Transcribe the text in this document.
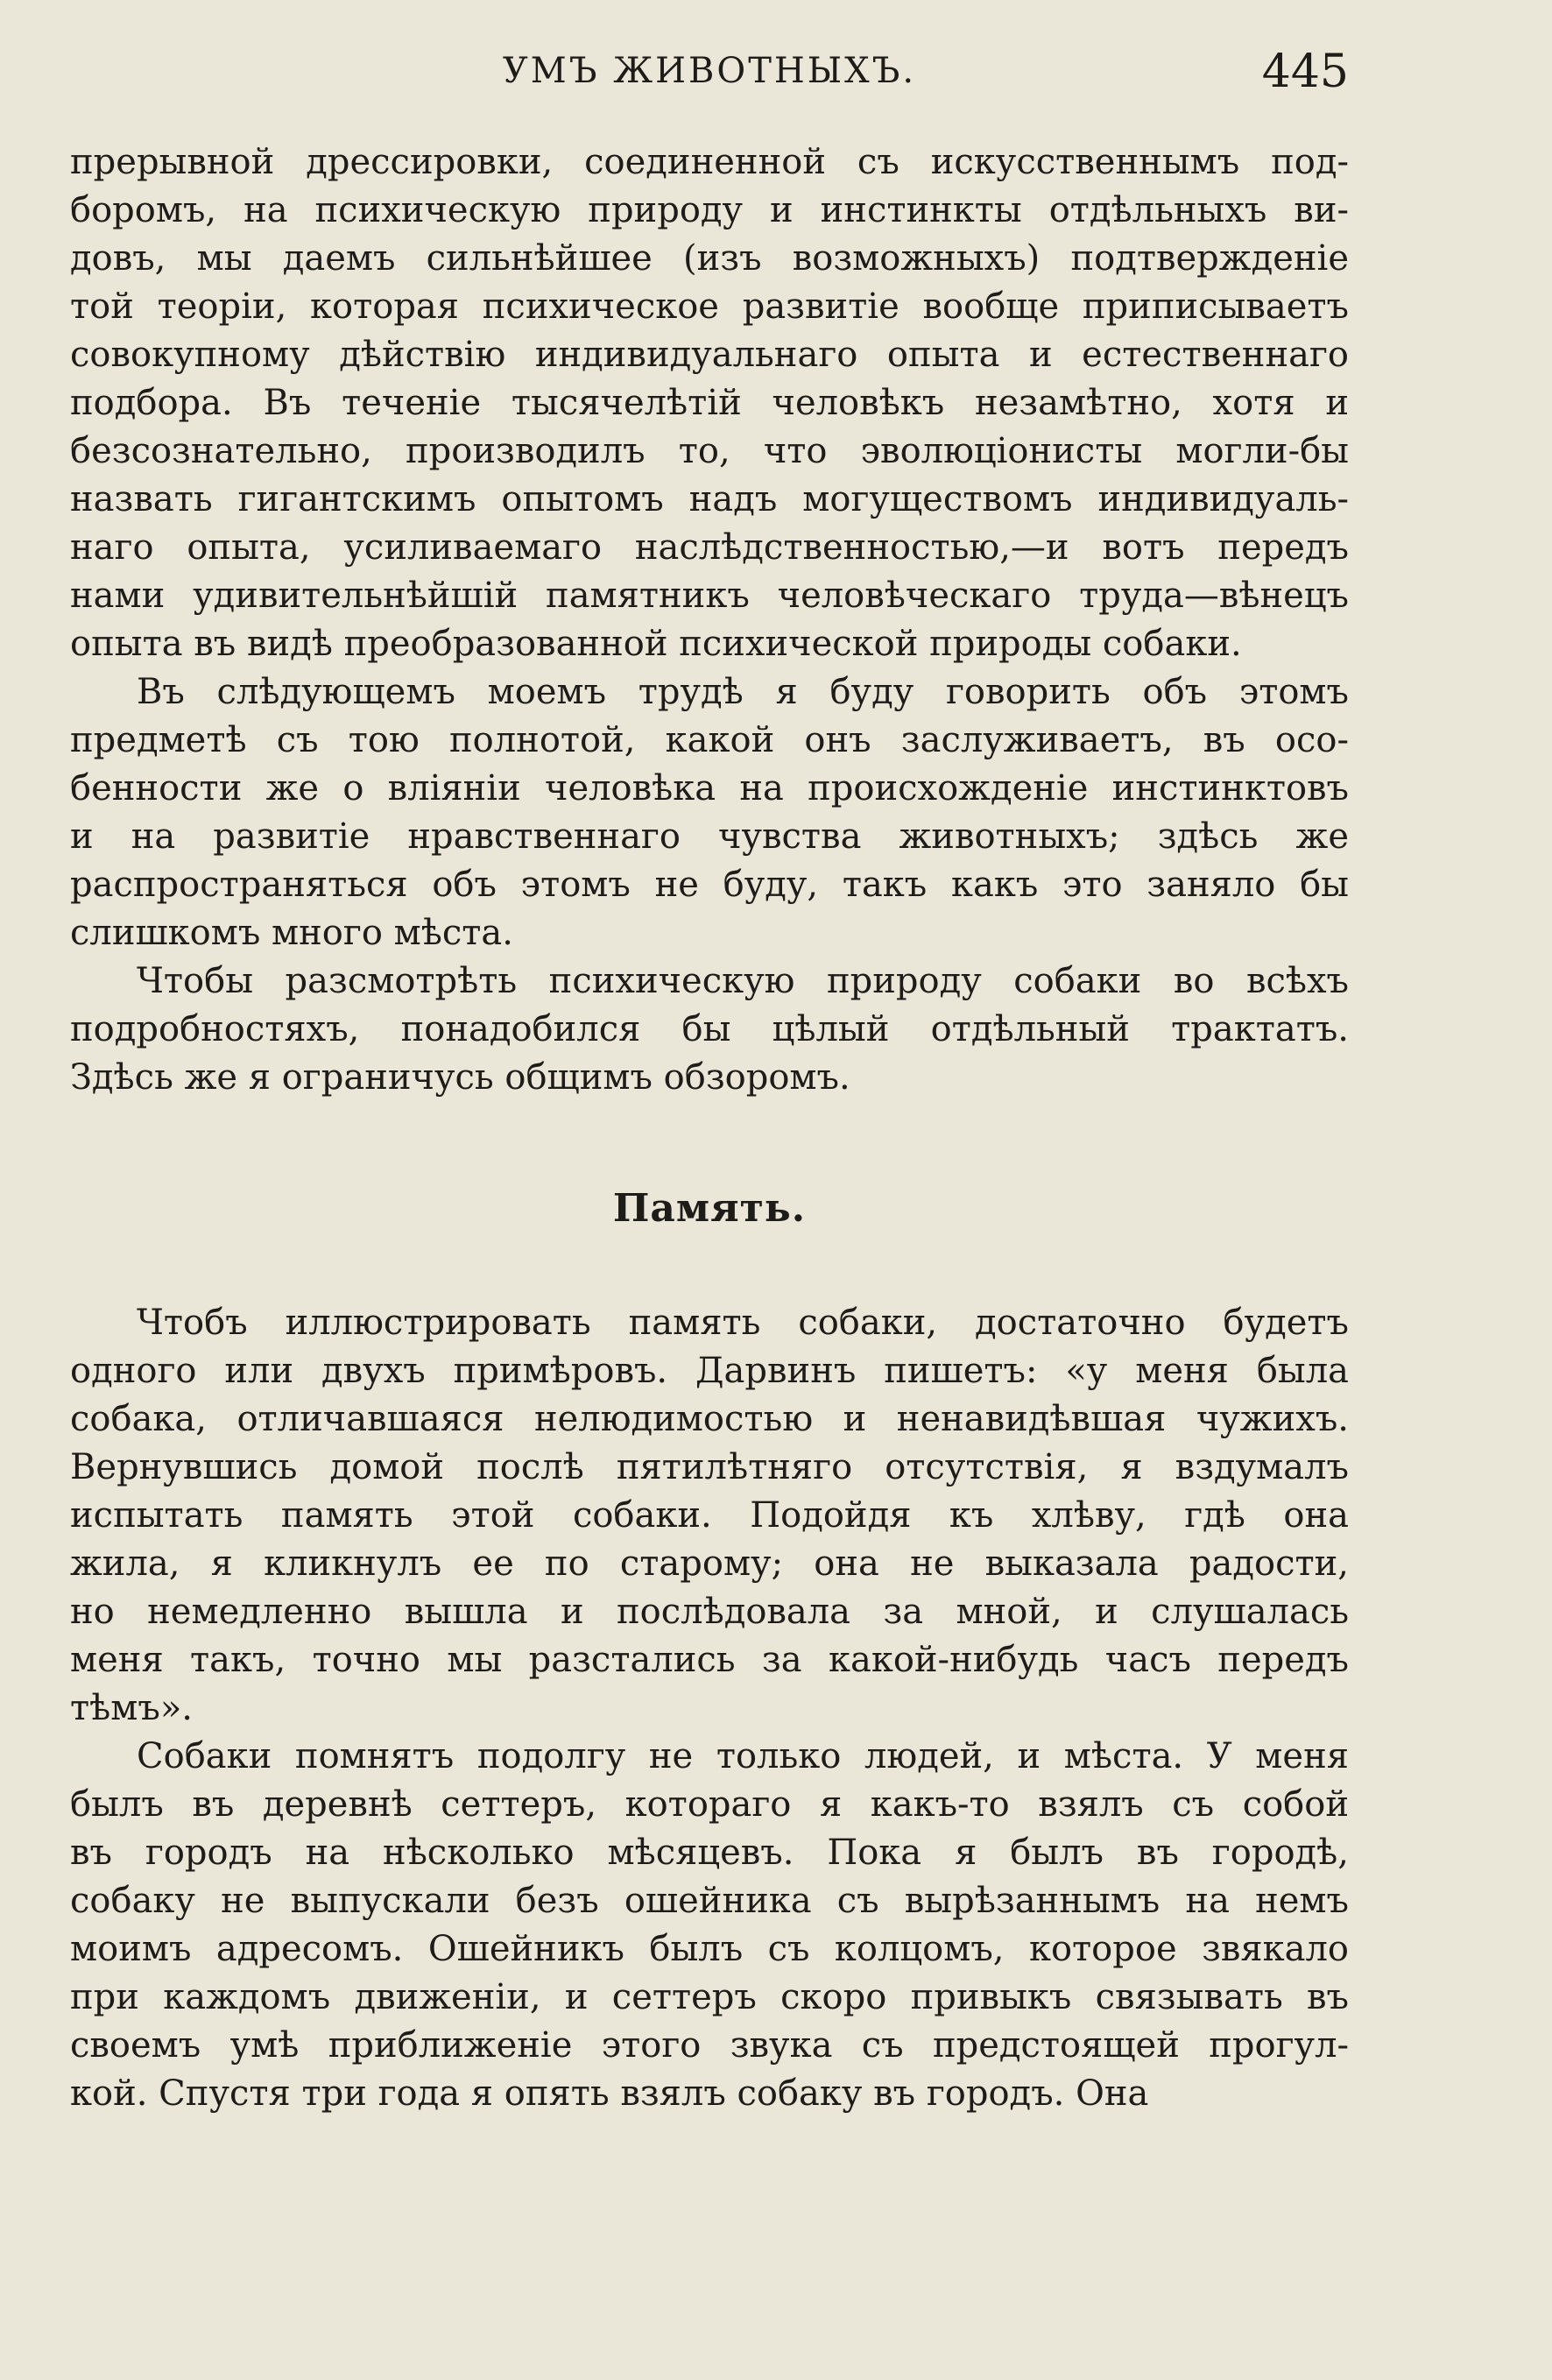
УМЪ ЖИВОТНЫХЪ.	445
прерывной дрессировки, соединенной съ искусственнымъ под-
боромъ, на психическую природу и инстинкты отдѣльныхъ ви-
довъ, мы даемъ сильнѣйшее (изъ возможныхъ) подтвержденіе
той теоріи, которая психическое развитіе вообще приписываетъ
совокупному дѣйствію индивидуальнаго опыта и естественнаго
подбора. Въ теченіе тысячелѣтій человѣкъ незамѣтно, хотя и
безсознательно, производилъ то, что эволюціонисты могли-бы
назвать гигантскимъ опытомъ надъ могуществомъ индивидуаль-
наго опыта, усиливаемаго наслѣдственностью,—и вотъ передъ
нами удивительнѣйшій памятникъ человѣческаго труда—вѣнецъ
опыта въ видѣ преобразованной психической природы собаки.
Въ слѣдующемъ моемъ трудѣ я буду говорить объ этомъ
предметѣ съ тою полнотой, какой онъ заслуживаетъ, въ осо-
бенности же о вліяніи человѣка на происхожденіе инстинктовъ
и на развитіе нравственнаго чувства животныхъ; здѣсь же
распространяться объ этомъ не буду, такъ какъ это заняло бы
слишкомъ много мѣста.
Чтобы разсмотрѣть психическую природу собаки во всѣхъ
подробностяхъ, понадобился бы цѣлый отдѣльный трактатъ.
Здѣсь же я ограничусь общимъ обзоромъ.
Память.
Чтобъ иллюстрировать память собаки, достаточно будетъ
одного или двухъ примѣровъ. Дарвинъ пишетъ: «у меня была
собака, отличавшаяся нелюдимостью и ненавидѣвшая чужихъ.
Вернувшись домой послѣ пятилѣтняго отсутствія, я вздумалъ
испытать память этой собаки. Подойдя къ хлѣву, гдѣ она
жила, я кликнулъ ее по старому; она не выказала радости,
но немедленно вышла и послѣдовала за мной, и слушалась
меня такъ, точно мы разстались за какой-нибудь часъ передъ
тѣмъ».
Собаки помнятъ подолгу не только людей, и мѣста. У меня
былъ въ деревнѣ сеттеръ, котораго я какъ-то взялъ съ собой
въ городъ на нѣсколько мѣсяцевъ. Пока я былъ въ городѣ,
собаку не выпускали безъ ошейника съ вырѣзаннымъ на немъ
моимъ адресомъ. Ошейникъ былъ съ колцомъ, которое звякало
при каждомъ движеніи, и сеттеръ скоро привыкъ связывать въ
своемъ умѣ приближеніе этого звука съ предстоящей прогул-
кой. Спустя три года я опять взялъ собаку въ городъ. Она
